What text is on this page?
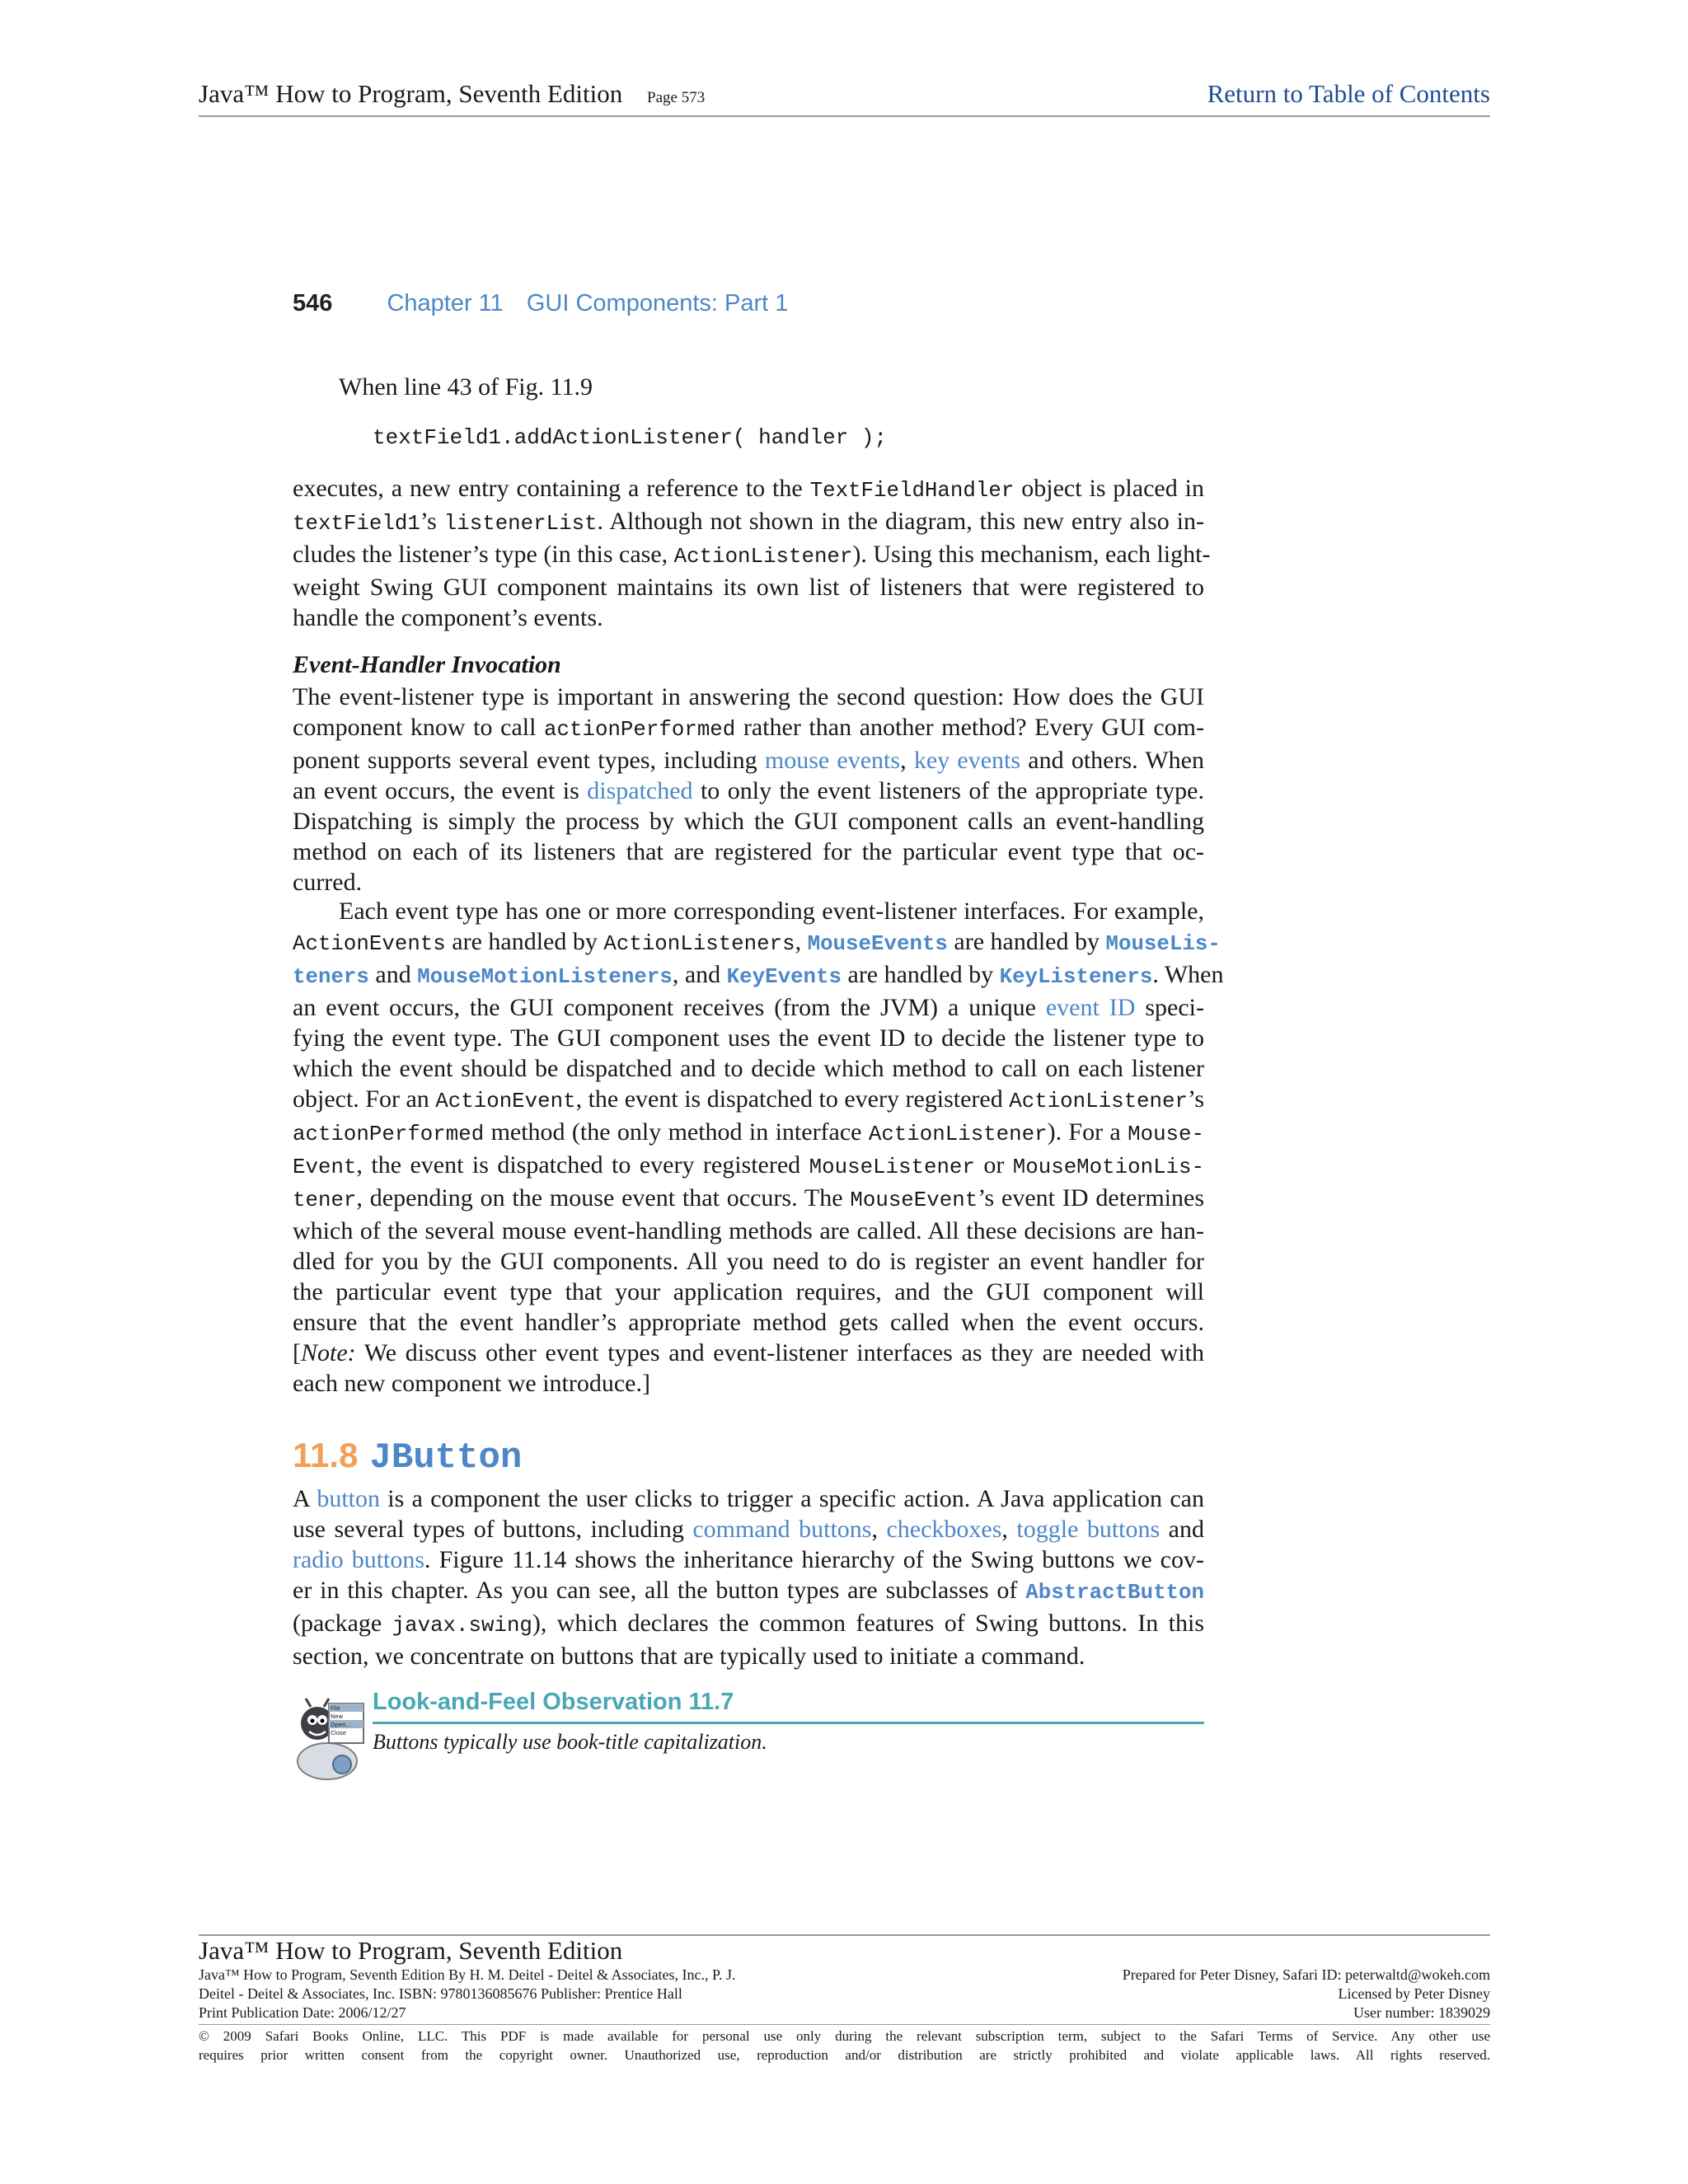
Java™ How to Program, Seventh Edition Page 573	Return to Table of Contents
546 Chapter 11 GUI Components: Part 1
When line 43 of Fig. 11.9
textField1.addActionListener( handler );

executes, a new entry containing a reference to the TextFieldHandler object is placed in

textField1’s listenerList. Although not shown in the diagram, this new entry also in-

cludes the listener’s type (in this case, ActionListener). Using this mechanism, each light-

weight Swing GUI component maintains its own list of listeners that were registered to

handle the component’s events.

Event-Handler Invocation

The event-listener type is important in answering the second question: How does the GUI

component know to call actionPerformed rather than another method? Every GUI com-

ponent supports several event types, including mouse events, key events and others. When

an event occurs, the event is dispatched to only the event listeners of the appropriate type.

Dispatching is simply the process by which the GUI component calls an event-handling

method on each of its listeners that are registered for the particular event type that oc-

curred.

Each event type has one or more corresponding event-listener interfaces. For example,

ActionEvents are handled by ActionListeners, MouseEvents are handled by MouseLis-

teners and MouseMotionListeners, and KeyEvents are handled by KeyListeners. When

an event occurs, the GUI component receives (from the JVM) a unique event ID speci-

fying the event type. The GUI component uses the event ID to decide the listener type to

which the event should be dispatched and to decide which method to call on each listener

object. For an ActionEvent, the event is dispatched to every registered ActionListener’s

actionPerformed method (the only method in interface ActionListener). For a Mouse-

Event, the event is dispatched to every registered MouseListener or MouseMotionLis-

tener, depending on the mouse event that occurs. The MouseEvent’s event ID determines

which of the several mouse event-handling methods are called. All these decisions are han-

dled for you by the GUI components. All you need to do is register an event handler for

the particular event type that your application requires, and the GUI component will

ensure that the event handler’s appropriate method gets called when the event occurs.

[Note: We discuss other event types and event-listener interfaces as they are needed with

each new component we introduce.]

11.8 JButton

A button is a component the user clicks to trigger a specific action. A Java application can

use several types of buttons, including command buttons, checkboxes, toggle buttons and

radio buttons. Figure 11.14 shows the inheritance hierarchy of the Swing buttons we cov-

er in this chapter. As you can see, all the button types are subclasses of AbstractButton

(package javax.swing), which declares the common features of Swing buttons. In this

section, we concentrate on buttons that are typically used to initiate a command.

File
New
Open...
Close
Look-and-Feel Observation 11.7
Buttons typically use book-title capitalization.
Java™ How to Program, Seventh Edition
Java™ How to Program, Seventh Edition By H. M. Deitel - Deitel & Associates, Inc., P. J.
Deitel - Deitel & Associates, Inc. ISBN: 9780136085676 Publisher: Prentice Hall
Print Publication Date: 2006/12/27
Prepared for Peter Disney, Safari ID: peterwaltd@wokeh.com
Licensed by Peter Disney
User number: 1839029

© 2009 Safari Books Online, LLC. This PDF is made available for personal use only during the relevant subscription term, subject to the Safari Terms of Service. Any other use

requires prior written consent from the copyright owner. Unauthorized use, reproduction and/or distribution are strictly prohibited and violate applicable laws. All rights reserved.
